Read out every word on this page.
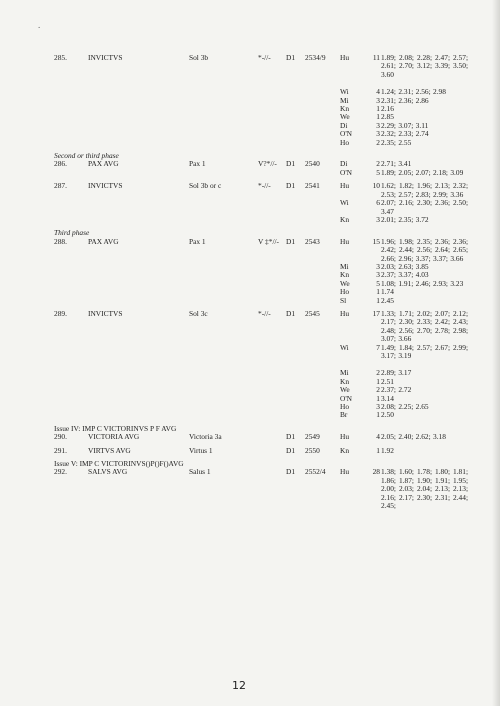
.
285.	INVICTVS	Sol 3b	*-//- D1 2534/9 Hu	11 1.89; 2.08; 2.28; 2.47; 2.57; 2.61; 2.70; 3.12; 3.39; 3.50; 3.60
Wi	4 1.24; 2.31; 2.56; 2.98
Mi	3 2.31; 2.36; 2.86
Kn	1 2.16
We	1 2.85
Di	3 2.29; 3.07; 3.11
O'N	3 2.32; 2.33; 2.74
Ho	2 2.35; 2.55
Second or third phase
286.	PAX AVG	Pax 1	V?*//- D1 2540	Di	2 2.71; 3.41
O'N	5 1.89; 2.05; 2.07; 2.18; 3.09
287.	INVICTVS	Sol 3b or c	*-//- D1 2541	Hu	10 1.62; 1.82; 1.96; 2.13; 2.32; 2.53; 2.57; 2.83; 2.99; 3.36
Wi	6 2.07; 2.16; 2.30; 2.36; 2.50; 3.47
Kn	3 2.01; 2.35; 3.72
Third phase
288.	PAX AVG	Pax 1	V ‡*//- D1 2543	Hu	15 1.96; 1.98; 2.35; 2.36; 2.36; 2.42; 2.44; 2.56; 2.64; 2.65; 2.66; 2.96; 3.37; 3.37; 3.66
Mi	3 2.03; 2.63; 3.85
Kn	3 2.37; 3.37; 4.03
We	5 1.08; 1.91; 2.46; 2.93; 3.23
Ho	1 1.74
Sl	1 2.45
289.	INVICTVS	Sol 3c	*-//- D1 2545	Hu	17 1.33; 1.71; 2.02; 2.07; 2.12; 2.17; 2.30; 2.33; 2.42; 2.43; 2.48; 2.56; 2.70; 2.78; 2.98; 3.07; 3.66
Wi	7 1.49; 1.84; 2.57; 2.67; 2.99; 3.17; 3.19
Mi	2 2.89; 3.17
Kn	1 2.51
We	2 2.37; 2.72
O'N	1 3.14
Ho	3 2.08; 2.25; 2.65
Br	1 2.50
Issue IV: IMP C VICTORINVS P F AVG
290.	VICTORIA AVG	Victoria 3a	D1 2549	Hu	4 2.05; 2.40; 2.62; 3.18
291.	VIRTVS AVG	Virtus 1	D1 2550	Kn	1 1.92
Issue V: IMP C VICTORINVS()P()F()AVG
292.	SALVS AVG	Salus 1	D1 2552/4 Hu	28 1.38; 1.60; 1.78; 1.80; 1.81; 1.86; 1.87; 1.90; 1.91; 1.95; 2.00; 2.03; 2.04; 2.13; 2.13; 2.16; 2.17; 2.30; 2.31; 2.44; 2.45;
12
